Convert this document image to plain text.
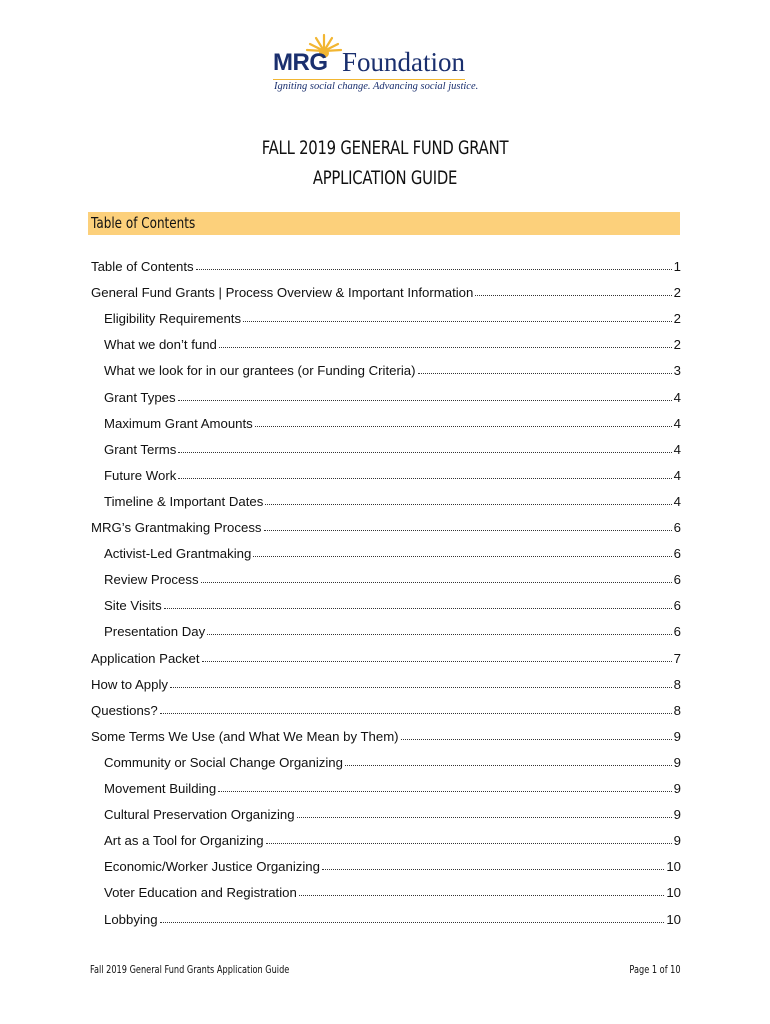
MRG Foundation
Igniting social change. Advancing social justice.
FALL 2019 GENERAL FUND GRANT
APPLICATION GUIDE
Table of Contents
Table of Contents	1
General Fund Grants | Process Overview & Important Information	2
Eligibility Requirements	2
What we don’t fund	2
What we look for in our grantees (or Funding Criteria)	3
Grant Types	4
Maximum Grant Amounts	4
Grant Terms	4
Future Work	4
Timeline & Important Dates	4
MRG’s Grantmaking Process	6
Activist-Led Grantmaking	6
Review Process	6
Site Visits	6
Presentation Day	6
Application Packet	7
How to Apply	8
Questions?	8
Some Terms We Use (and What We Mean by Them)	9
Community or Social Change Organizing	9
Movement Building	9
Cultural Preservation Organizing	9
Art as a Tool for Organizing	9
Economic/Worker Justice Organizing	10
Voter Education and Registration	10
Lobbying	10
Fall 2019 General Fund Grants Application Guide	Page 1 of 10
